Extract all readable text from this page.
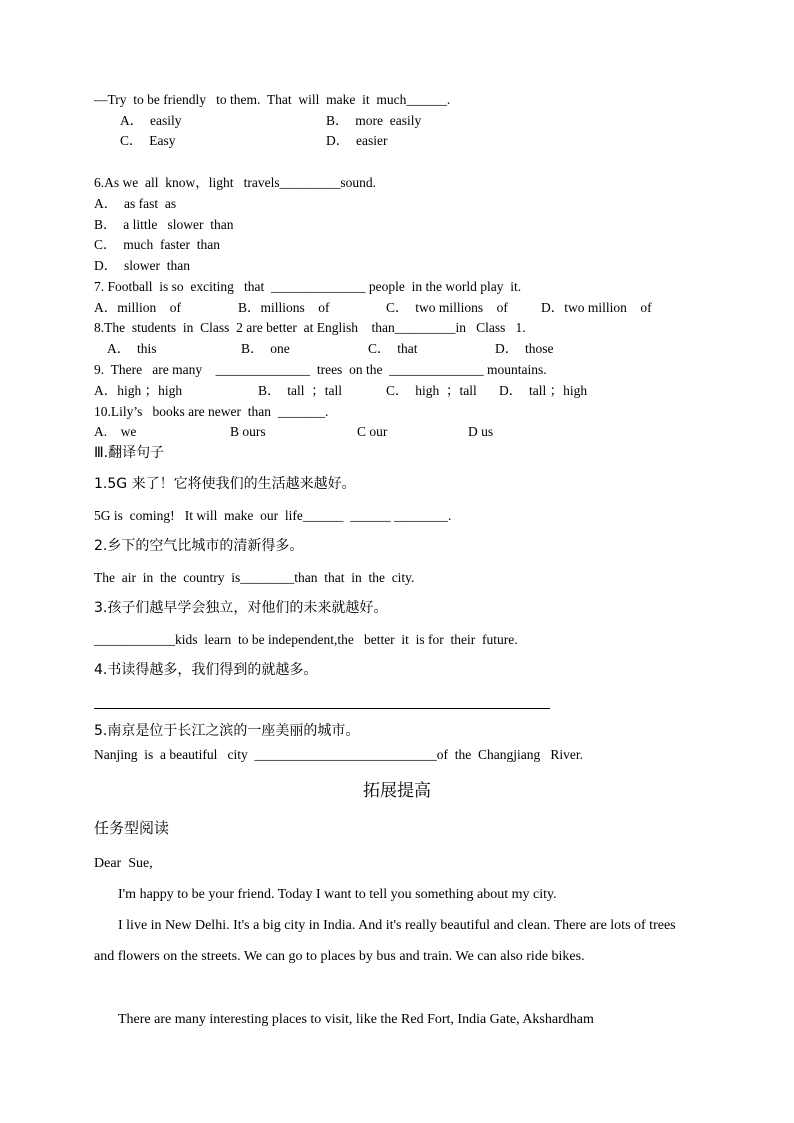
—Try  to be friendly   to them.  That  will  make  it  much______.
A．  easily	B．  more  easily
C．  Easy	D．  easier
6.As we  all  know，light   travels_________sound.
A．  as fast  as
B．  a little   slower  than
C．  much  faster  than
D．  slower  than
7. Football  is so  exciting   that  ______________ people  in the world play  it.
A．million    of	B．millions    of	C．  two millions    of D．two million    of
8.The  students  in  Class  2 are better  at English    than_________in   Class   1.
A．  this	B．  one	C．  that	D．  those
9.  There   are many    ______________  trees  on the  ______________ mountains.
A．high ；high	B．  tall  ；tall	C．  high  ；tall D．  tall ；high
10.Lily’s   books are newer  than  _______.
A.    we	B ours	C our	D us
Ⅲ.翻译句子
1.5G 来了！它将使我们的生活越来越好。
5G is  coming!   It will  make  our  life______  ______ ________.
2.乡下的空气比城市的清新得多。
The  air  in  the  country  is________than  that  in  the  city.
3.孩子们越早学会独立，对他们的未来就越好。
____________kids  learn  to be independent,the   better  it  is for  their  future.
4.书读得越多，我们得到的就越多。
5.南京是位于长江之滨的一座美丽的城市。
Nanjing  is  a beautiful   city  ___________________________of  the  Changjiang   River.
拓展提高
任务型阅读
Dear  Sue,
I'm happy to be your friend. Today I want to tell you something about my city.
I live in New Delhi. It's a big city in India. And it's really beautiful and clean. There are lots of trees and flowers on the streets. We can go to places by bus and train. We can also ride bikes.
There are many interesting places to visit, like the Red Fort, India Gate, Akshardham
